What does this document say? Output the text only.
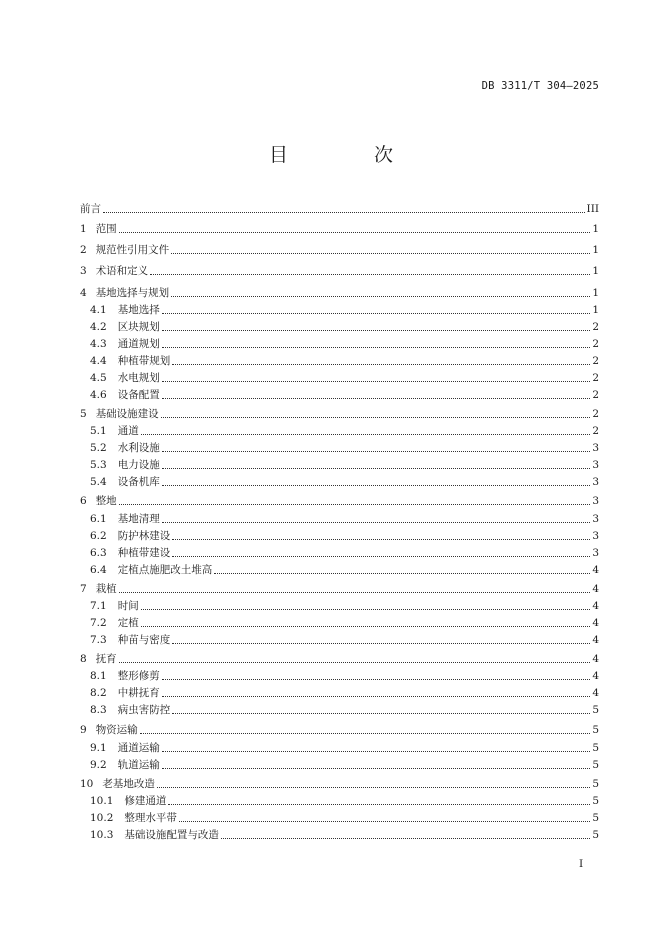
DB 3311/T 304—2025
目 次
前言	III
1 范围	1
2 规范性引用文件	1
3 术语和定义	1
4 基地选择与规划	1
4.1 基地选择	1
4.2 区块规划	2
4.3 通道规划	2
4.4 种植带规划	2
4.5 水电规划	2
4.6 设备配置	2
5 基础设施建设	2
5.1 通道	2
5.2 水利设施	3
5.3 电力设施	3
5.4 设备机库	3
6 整地	3
6.1 基地清理	3
6.2 防护林建设	3
6.3 种植带建设	3
6.4 定植点施肥改土堆高	4
7 栽植	4
7.1 时间	4
7.2 定植	4
7.3 种苗与密度	4
8 抚育	4
8.1 整形修剪	4
8.2 中耕抚育	4
8.3 病虫害防控	5
9 物资运输	5
9.1 通道运输	5
9.2 轨道运输	5
10 老基地改造	5
10.1 修建通道	5
10.2 整理水平带	5
10.3 基础设施配置与改造	5
I
